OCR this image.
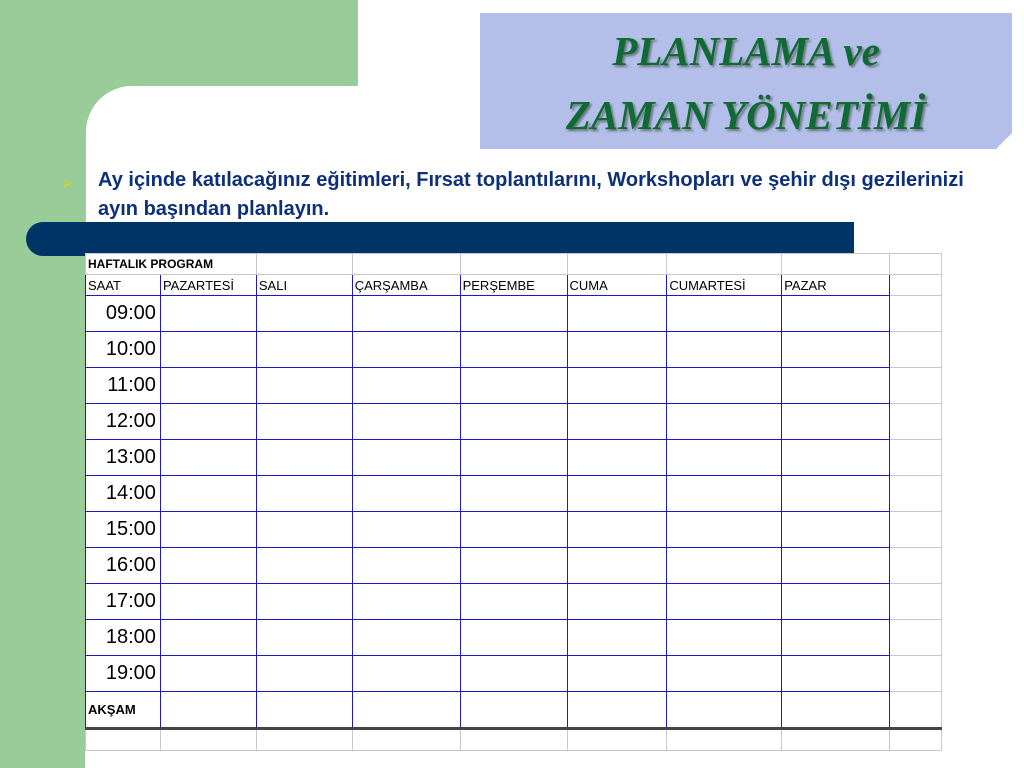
PLANLAMA ve
ZAMAN YÖNETİMİ
➢ Ay içinde katılacağınız eğitimleri, Fırsat toplantılarını, Workshopları ve şehir dışı gezilerinizi ayın başından planlayın.

HAFTALIK PROGRAM								
SAAT	PAZARTESİ	SALI	ÇARŞAMBA	PERŞEMBE	CUMA	CUMARTESİ	PAZAR	
09:00								
10:00								
11:00								
12:00								
13:00								
14:00								
15:00								
16:00								
17:00								
18:00								
19:00								
AKŞAM								
